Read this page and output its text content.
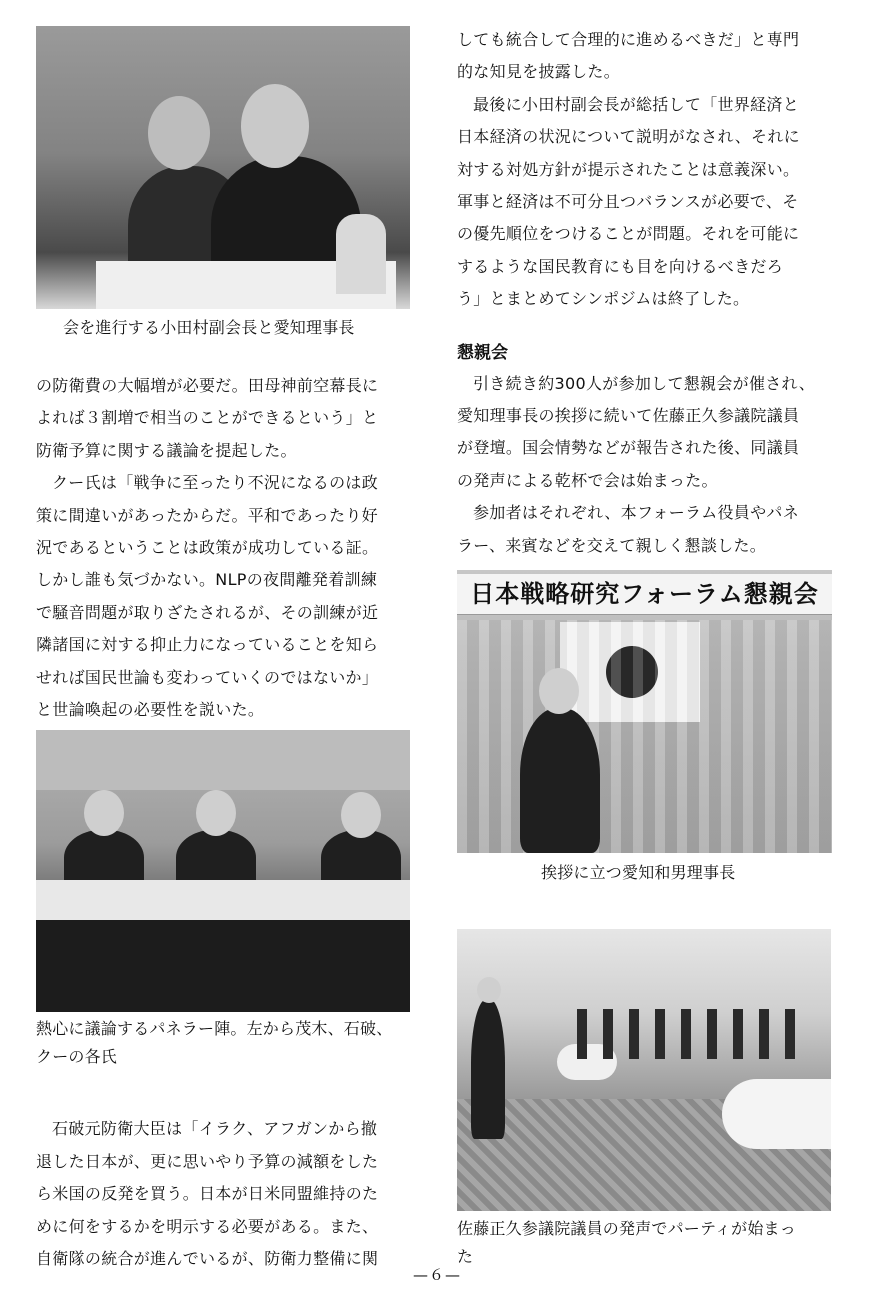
会を進行する小田村副会長と愛知理事長

の防衛費の大幅増が必要だ。田母神前空幕長に

よれば３割増で相当のことができるという」と

防衛予算に関する議論を提起した。

クー氏は「戦争に至ったり不況になるのは政

策に間違いがあったからだ。平和であったり好

況であるということは政策が成功している証。

しかし誰も気づかない。NLPの夜間離発着訓練

で騒音問題が取りざたされるが、その訓練が近

隣諸国に対する抑止力になっていることを知ら

せれば国民世論も変わっていくのではないか」

と世論喚起の必要性を説いた。

熱心に議論するパネラー陣。左から茂木、石破、
クーの各氏

石破元防衛大臣は「イラク、アフガンから撤

退した日本が、更に思いやり予算の減額をした

ら米国の反発を買う。日本が日米同盟維持のた

めに何をするかを明示する必要がある。また、

自衛隊の統合が進んでいるが、防衛力整備に関

しても統合して合理的に進めるべきだ」と専門

的な知見を披露した。

最後に小田村副会長が総括して「世界経済と

日本経済の状況について説明がなされ、それに

対する対処方針が提示されたことは意義深い。

軍事と経済は不可分且つバランスが必要で、そ

の優先順位をつけることが問題。それを可能に

するような国民教育にも目を向けるべきだろ

う」とまとめてシンポジムは終了した。

懇親会

引き続き約300人が参加して懇親会が催され、

愛知理事長の挨拶に続いて佐藤正久参議院議員

が登壇。国会情勢などが報告された後、同議員

の発声による乾杯で会は始まった。

参加者はそれぞれ、本フォーラム役員やパネ

ラー、来賓などを交えて親しく懇談した。

日本戦略研究フォーラム懇親会
挨拶に立つ愛知和男理事長
佐藤正久参議院議員の発声でパーティが始まっ
た
—６—
